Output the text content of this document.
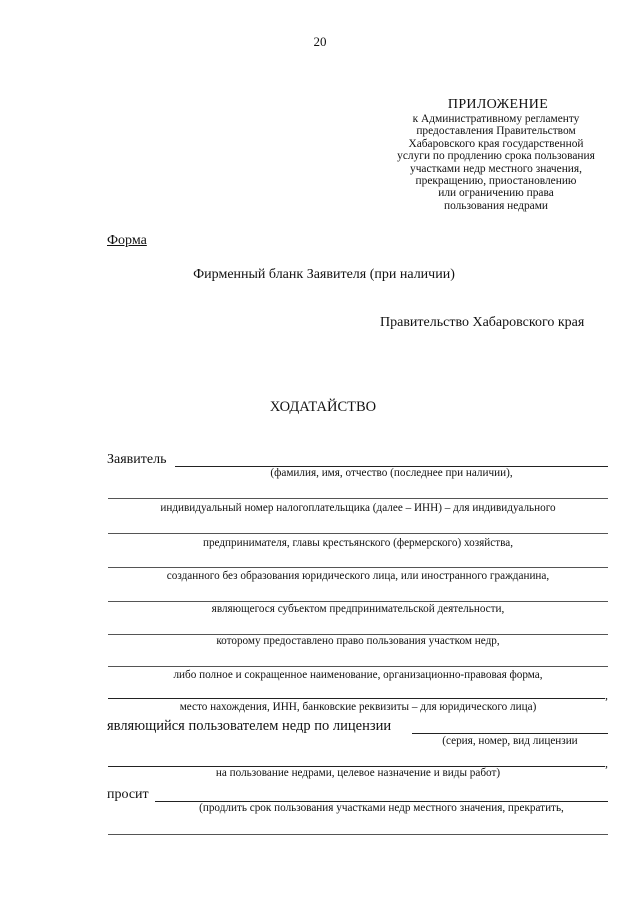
20
ПРИЛОЖЕНИЕ
к Административному регламенту
предоставления Правительством
Хабаровского края государственной
услуги по продлению срока пользования
участками недр местного значения,
прекращению, приостановлению
или ограничению права
пользования недрами
Форма
Фирменный бланк Заявителя (при наличии)
Правительство Хабаровского края
ХОДАТАЙСТВО
Заявитель
(фамилия, имя, отчество (последнее при наличии),
индивидуальный номер налогоплательщика (далее – ИНН) – для индивидуального
предпринимателя, главы крестьянского (фермерского) хозяйства,
созданного без образования юридического лица, или иностранного гражданина,
являющегося субъектом предпринимательской деятельности,
которому предоставлено право пользования участком недр,
либо полное и сокращенное наименование, организационно-правовая форма,
,
место нахождения, ИНН, банковские реквизиты – для юридического лица)
являющийся пользователем недр по лицензии
(серия, номер, вид лицензии
,
на пользование недрами, целевое назначение и виды работ)
просит
(продлить срок пользования участками недр местного значения, прекратить,
